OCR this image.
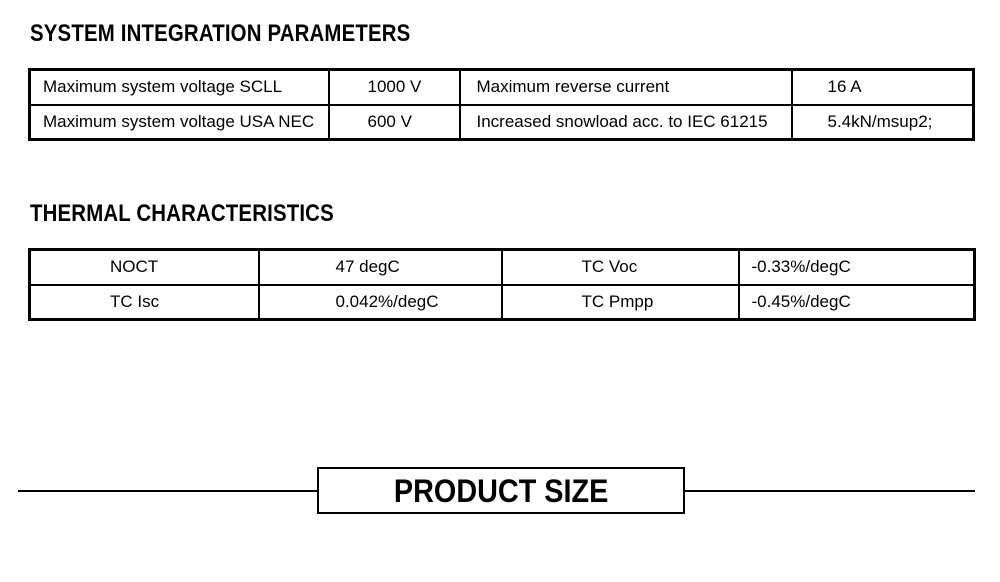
SYSTEM INTEGRATION PARAMETERS
Maximum system voltage SCLL	1000 V	Maximum reverse current	16 A
Maximum system voltage USA NEC	600 V	Increased snowload acc. to IEC 61215	5.4kN/msup2;
THERMAL CHARACTERISTICS
NOCT	47 degC	TC Voc	-0.33%/degC
TC Isc	0.042%/degC	TC Pmpp	-0.45%/degC
PRODUCT SIZE
